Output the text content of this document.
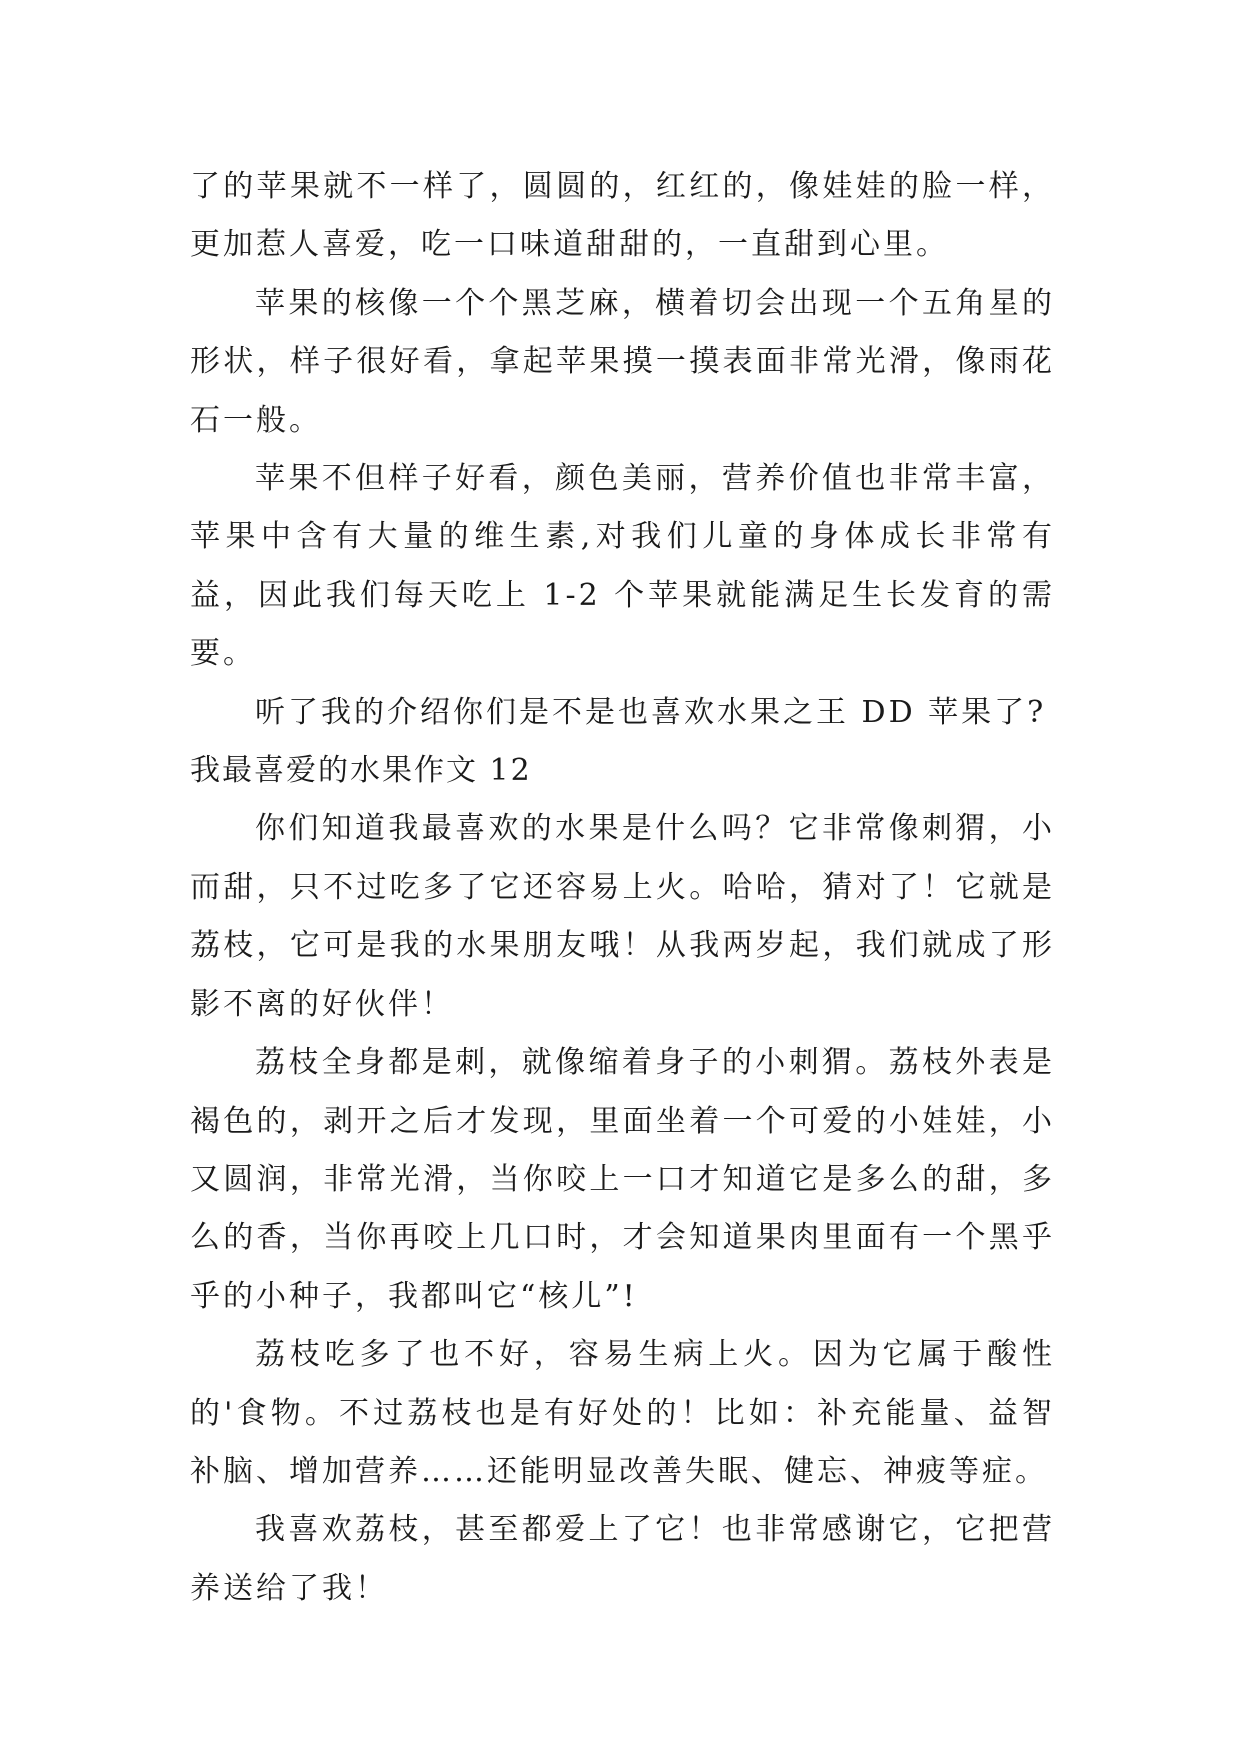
了的苹果就不一样了，圆圆的，红红的，像娃娃的脸一样，更加惹人喜爱，吃一口味道甜甜的，一直甜到心里。

苹果的核像一个个黑芝麻，横着切会出现一个五角星的形状，样子很好看，拿起苹果摸一摸表面非常光滑，像雨花石一般。

苹果不但样子好看，颜色美丽，营养价值也非常丰富，苹果中含有大量的维生素,对我们儿童的身体成长非常有益，因此我们每天吃上 1-2 个苹果就能满足生长发育的需要。

听了我的介绍你们是不是也喜欢水果之王 DD 苹果了?

我最喜爱的水果作文 12

你们知道我最喜欢的水果是什么吗？它非常像刺猬，小而甜，只不过吃多了它还容易上火。哈哈，猜对了！它就是荔枝，它可是我的水果朋友哦！从我两岁起，我们就成了形影不离的好伙伴！

荔枝全身都是刺，就像缩着身子的小刺猬。荔枝外表是褐色的，剥开之后才发现，里面坐着一个可爱的小娃娃，小又圆润，非常光滑，当你咬上一口才知道它是多么的甜，多么的香，当你再咬上几口时，才会知道果肉里面有一个黑乎乎的小种子，我都叫它“核儿”!

荔枝吃多了也不好，容易生病上火。因为它属于酸性的'食物。不过荔枝也是有好处的！比如：补充能量、益智补脑、增加营养……还能明显改善失眠、健忘、神疲等症。

我喜欢荔枝，甚至都爱上了它！也非常感谢它，它把营养送给了我！
